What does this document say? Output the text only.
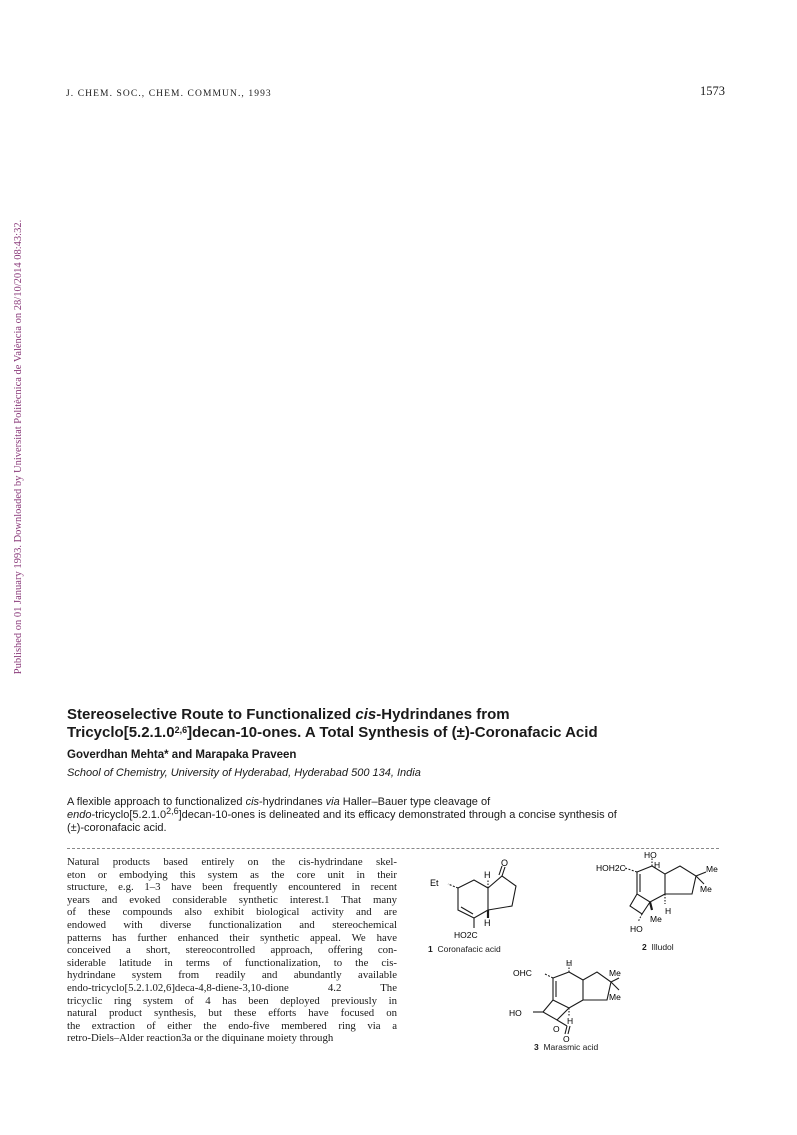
Published on 01 January 1993. Downloaded by Universitat Politècnica de València on 28/10/2014 08:43:32.
J. CHEM. SOC., CHEM. COMMUN., 1993	1573
Stereoselective Route to Functionalized cis-Hydrindanes from
Tricyclo[5.2.1.0$^{2,6}$]decan-10-ones. A Total Synthesis of (±)-Coronafacic Acid
Goverdhan Mehta* and Marapaka Praveen
School of Chemistry, University of Hyderabad, Hyderabad 500 134, India
A flexible approach to functionalized cis-hydrindanes via Haller–Bauer type cleavage of
endo-tricyclo[5.2.1.0$^{2,6}$]decan-10-ones is delineated and its efficacy demonstrated through a concise synthesis of
(±)-coronafacic acid.
Natural products based entirely on the cis-hydrindane skel-
eton or embodying this system as the core unit in their
structure, e.g. 1–3 have been frequently encountered in recent
years and evoked considerable synthetic interest.1 That many
of these compounds also exhibit biological activity and are
endowed with diverse functionalization and stereochemical
patterns has further enhanced their synthetic appeal. We have
conceived a short, stereocontrolled approach, offering con-
siderable latitude in terms of functionalization, to the cis-
hydrindane system from readily and abundantly available
endo-tricyclo[5.2.1.02,6]deca-4,8-diene-3,10-dione 4.2 The
tricyclic ring system of 4 has been deployed previously in
natural product synthesis, but these efforts have focused on
the extraction of either the endo-five membered ring via a
retro-Diels–Alder reaction3a or the diquinane moiety through
Et
H
O
H
HO2C
1 Coronafacic acid
HO
H
HOH2C	Me
Me
H
Me
HO
2 Illudol
OHC
H
Me
Me
HO
H
O
O
3 Marasmic acid
